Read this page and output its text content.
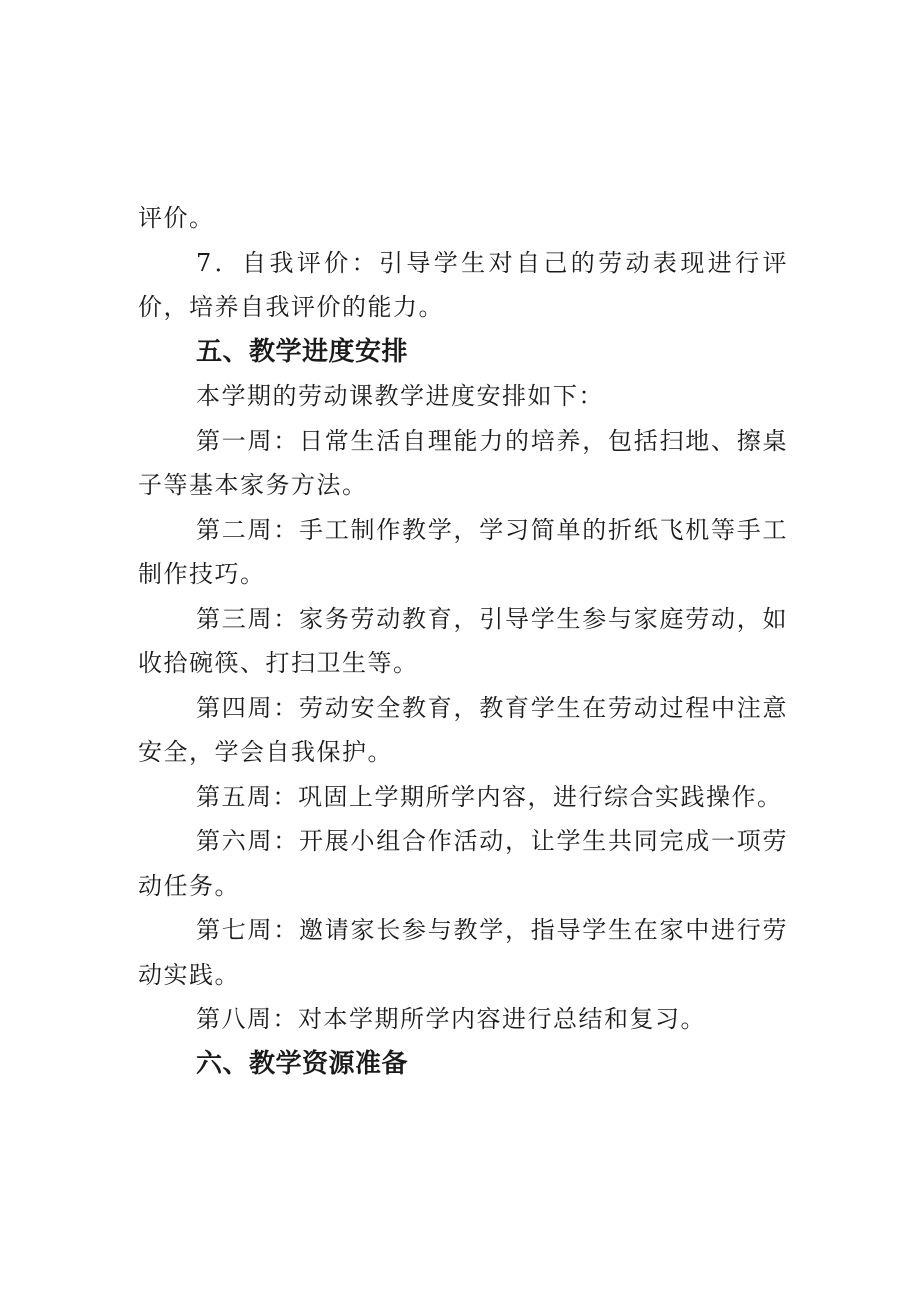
评价。

7．自我评价：引导学生对自己的劳动表现进行评价，培养自我评价的能力。

五、教学进度安排

本学期的劳动课教学进度安排如下：

第一周：日常生活自理能力的培养，包括扫地、擦桌子等基本家务方法。

第二周：手工制作教学，学习简单的折纸飞机等手工制作技巧。

第三周：家务劳动教育，引导学生参与家庭劳动，如收拾碗筷、打扫卫生等。

第四周：劳动安全教育，教育学生在劳动过程中注意安全，学会自我保护。

第五周：巩固上学期所学内容，进行综合实践操作。

第六周：开展小组合作活动，让学生共同完成一项劳动任务。

第七周：邀请家长参与教学，指导学生在家中进行劳动实践。

第八周：对本学期所学内容进行总结和复习。

六、教学资源准备
